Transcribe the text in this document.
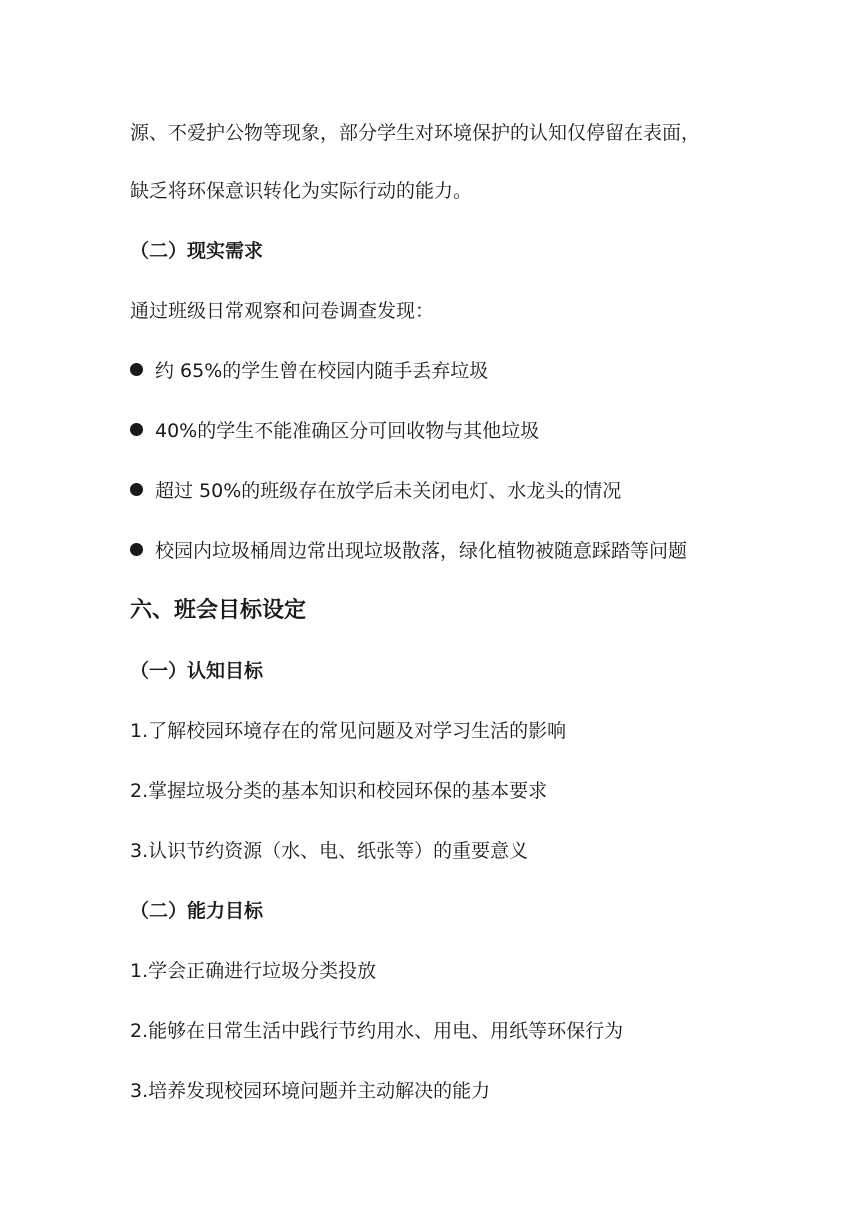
源、不爱护公物等现象，部分学生对环境保护的认知仅停留在表面，
缺乏将环保意识转化为实际行动的能力。
（二）现实需求
通过班级日常观察和问卷调查发现：
约 65%的学生曾在校园内随手丢弃垃圾
40%的学生不能准确区分可回收物与其他垃圾
超过 50%的班级存在放学后未关闭电灯、水龙头的情况
校园内垃圾桶周边常出现垃圾散落，绿化植物被随意踩踏等问题
六、班会目标设定
（一）认知目标
1.了解校园环境存在的常见问题及对学习生活的影响
2.掌握垃圾分类的基本知识和校园环保的基本要求
3.认识节约资源（水、电、纸张等）的重要意义
（二）能力目标
1.学会正确进行垃圾分类投放
2.能够在日常生活中践行节约用水、用电、用纸等环保行为
3.培养发现校园环境问题并主动解决的能力
